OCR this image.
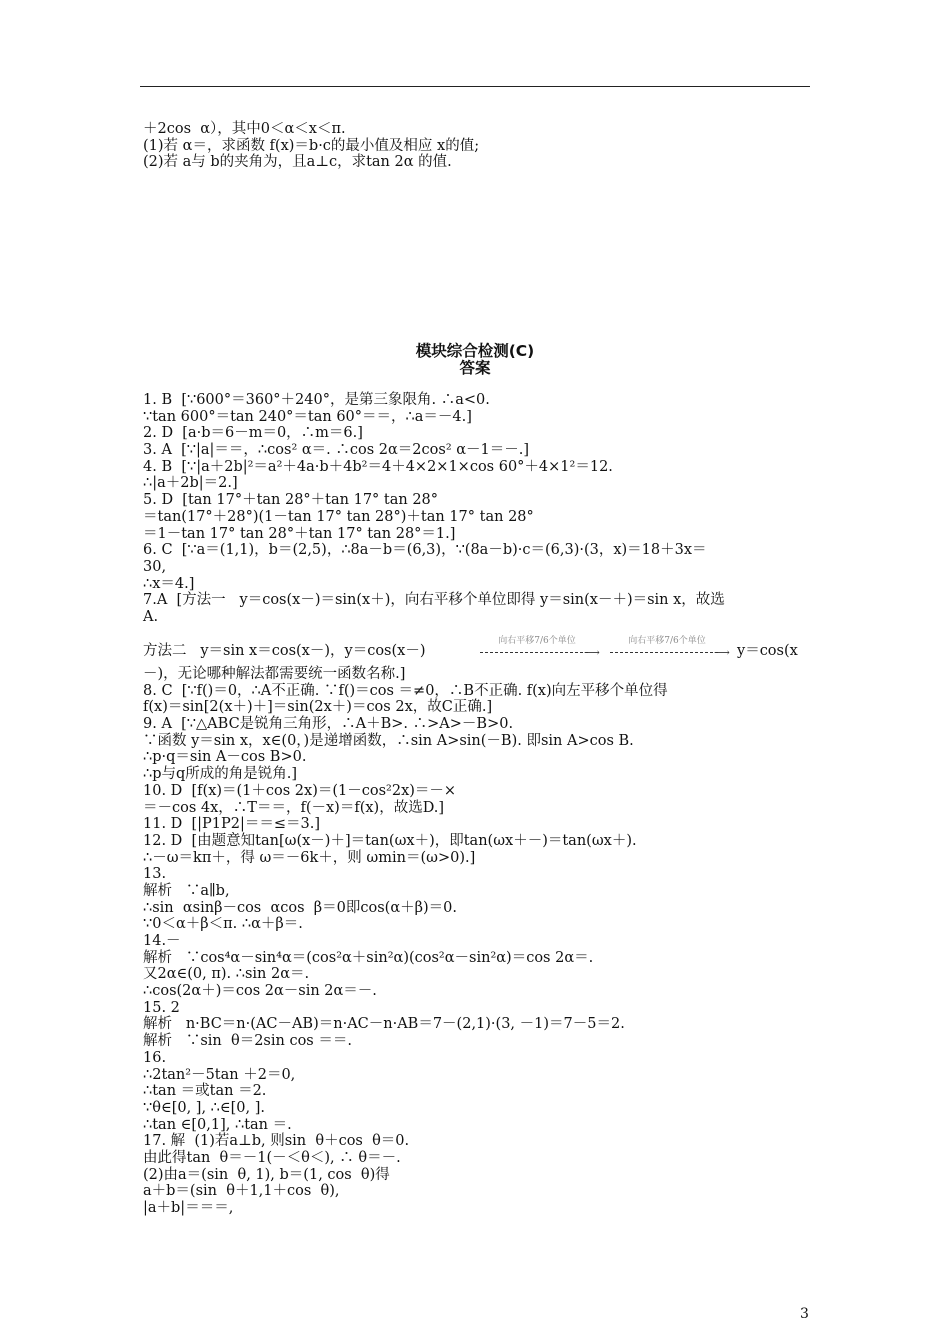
＋2cos  α），其中0＜α＜x＜π.
(1)若 α＝，求函数 f(x)＝b·c的最小值及相应 x的值;
(2)若 a与 b的夹角为，且a⊥c，求tan 2α 的值.
模块综合检测(C)
答案
1. B  [∵600°＝360°＋240°，是第三象限角. ∴a<0.
∵tan 600°＝tan 240°＝tan 60°＝＝，∴a＝－4.]
2. D  [a·b＝6－m＝0，∴m＝6.]
3. A  [∵|a|＝＝，∴cos² α＝. ∴cos 2α＝2cos² α－1＝－.]
4. B  [∵|a＋2b|²＝a²＋4a·b＋4b²＝4＋4×2×1×cos 60°＋4×1²＝12.
∴|a＋2b|＝2.]
5. D  [tan 17°＋tan 28°＋tan 17° tan 28°
＝tan(17°＋28°)(1－tan 17° tan 28°)＋tan 17° tan 28°
＝1－tan 17° tan 28°＋tan 17° tan 28°＝1.]
6. C  [∵a＝(1,1)，b＝(2,5)，∴8a－b＝(6,3)，∵(8a－b)·c＝(6,3)·(3，x)＝18＋3x＝
30,
∴x＝4.]
7.A  [方法一   y＝cos(x－)＝sin(x＋)，向右平移个单位即得 y＝sin(x－＋)＝sin x，故选
A.

方法二   y＝sin x＝cos(x－)，y＝cos(x－)

向右平移7/6个单位

⟶

向右平移7/6个单位

⟶

y＝cos(x

－)，无论哪种解法都需要统一函数名称.]
8. C  [∵f()＝0，∴A不正确. ∵f()＝cos ＝≠0，∴B不正确. f(x)向左平移个单位得
f(x)＝sin[2(x＋)＋]＝sin(2x＋)＝cos 2x，故C正确.]
9. A  [∵△ABC是锐角三角形，∴A＋B>. ∴>A>－B>0.
∵函数 y＝sin x，x∈(0，)是递增函数，∴sin A>sin(－B). 即sin A>cos B.
∴p·q＝sin A－cos B>0.
∴p与q所成的角是锐角.]
10. D  [f(x)＝(1＋cos 2x)＝(1－cos²2x)＝－×
＝－cos 4x，∴T＝＝，f(－x)＝f(x)，故选D.]
11. D  [|P1P2|＝＝≤＝3.]
12. D  [由题意知tan[ω(x－)＋]＝tan(ωx＋)，即tan(ωx＋－)＝tan(ωx＋).
∴－ω＝kπ＋，得 ω＝－6k＋，则 ωmin＝(ω>0).]
13.
解析   ∵a∥b,
∴sin  αsinβ－cos  αcos  β＝0即cos(α＋β)＝0.
∵0＜α＋β＜π. ∴α＋β＝.
14.－
解析   ∵cos⁴α－sin⁴α＝(cos²α＋sin²α)(cos²α－sin²α)＝cos 2α＝.
又2α∈(0, π). ∴sin 2α＝.
∴cos(2α＋)＝cos 2α－sin 2α＝－.
15. 2
解析   n·BC＝n·(AC－AB)＝n·AC－n·AB＝7－(2,1)·(3, －1)＝7－5＝2.
解析   ∵sin  θ＝2sin cos ＝＝.
16.
∴2tan²－5tan ＋2＝0,
∴tan ＝或tan ＝2.
∵θ∈[0, ], ∴∈[0, ].
∴tan ∈[0,1], ∴tan ＝.
17. 解  (1)若a⊥b, 则sin  θ＋cos  θ＝0.
由此得tan  θ＝－1(－＜θ＜), ∴ θ＝－.
(2)由a＝(sin  θ, 1), b＝(1, cos  θ)得
a＋b＝(sin  θ＋1,1＋cos  θ),
|a＋b|＝＝＝,
3
